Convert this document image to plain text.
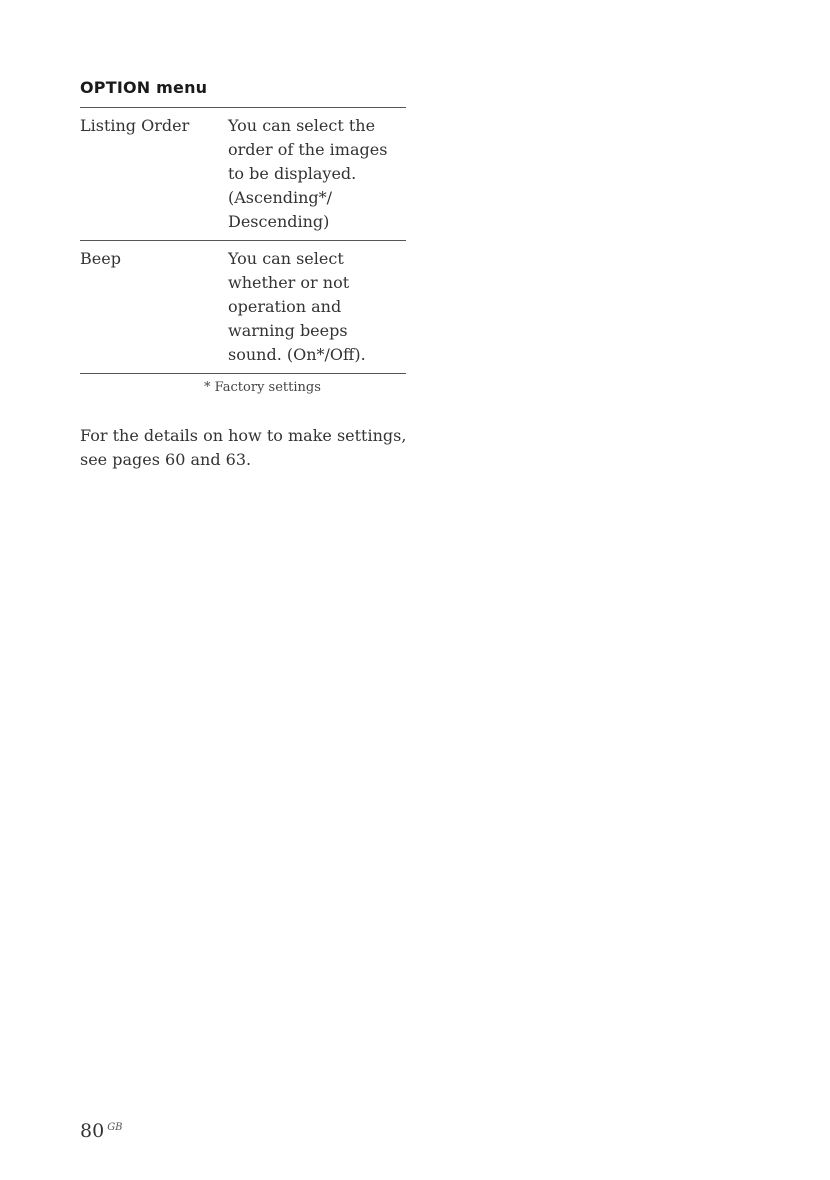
OPTION menu
Listing Order	You can select the order of the images to be displayed. (Ascending*/ Descending)
Beep	You can select whether or not operation and warning beeps sound. (On*/Off).
* Factory settings

For the details on how to make settings, see pages 60 and 63.

80 $^{GB}$
